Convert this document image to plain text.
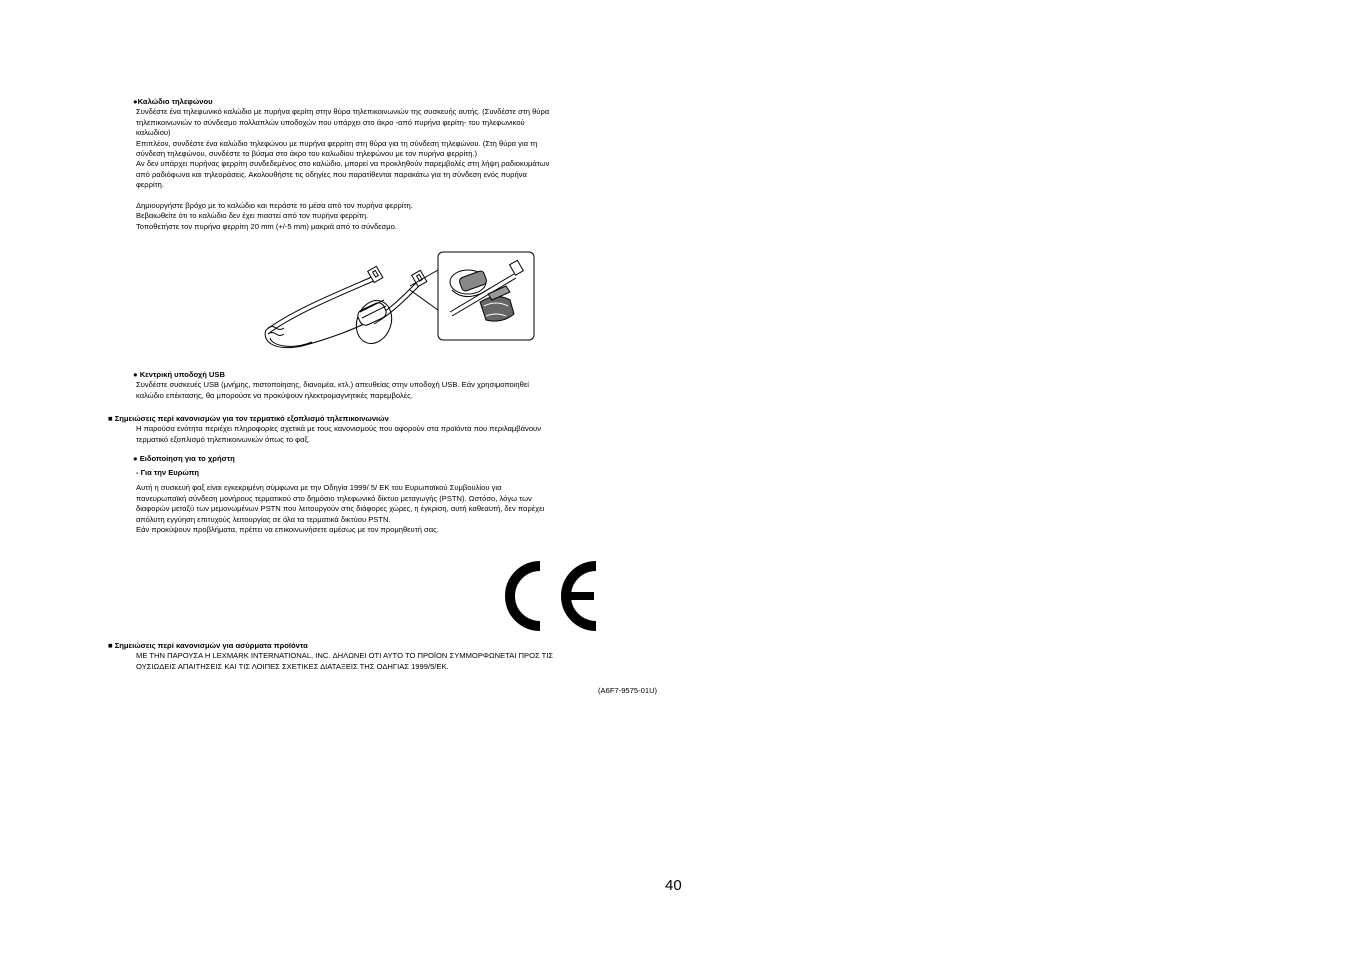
●Καλώδιο τηλεφώνου

Συνδέστε ένα τηλεφωνικό καλώδιο με πυρήνα φερίτη στην θύρα τηλεπικοινωνιών της συσκευής αυτής. (Συνδέστε στη θύρα

τηλεπικοινωνιών το σύνδεσμο πολλαπλών υποδοχών που υπάρχει στο άκρο -από πυρήνα φερίτη- του τηλεφωνικού

καλωδίου)

Επιπλέον, συνδέστε ένα καλώδιο τηλεφώνου με πυρήνα φερρίτη στη θύρα για τη σύνδεση τηλεφώνου. (Στη θύρα για τη

σύνδεση τηλεφώνου, συνδέστε το βύσμα στο άκρο του καλωδίου τηλεφώνου με τον πυρήνα φερρίτη.)

Αν δεν υπάρχει πυρήνας φερρίτη συνδεδεμένος στο καλώδιο, μπορεί να προκληθούν παρεμβολές στη λήψη ραδιοκυμάτων

από ραδιόφωνα και τηλεοράσεις. Ακολουθήστε τις οδηγίες που παρατίθενται παρακάτω για τη σύνδεση ενός πυρήνα

φερρίτη.

Δημιουργήστε βρόχο με το καλώδιο και περάστε το μέσα από τον πυρήνα φερρίτη.

Βεβαιωθείτε ότι το καλώδιο δεν έχει πιαστεί από τον πυρήνα φερρίτη.

Τοποθετήστε τον πυρήνα φερρίτη 20 mm (+/-5 mm) μακριά από το σύνδεσμο.

● Κεντρική υποδοχή USB

Συνδέστε συσκευές USB (μνήμης, πιστοποίησης, διανομέα, κτλ.) απευθείας στην υποδοχή USB. Εάν χρησιμοποιηθεί

καλώδιο επέκτασης, θα μπορούσε να προκύψουν ηλεκτρομαγνητικές παρεμβολές.

■ Σημειώσεις περί κανονισμών για τον τερματικό εξοπλισμό τηλεπικοινωνιών

Η παρούσα ενότητα περιέχει πληροφορίες σχετικά με τους κανονισμούς που αφορούν στα προϊόντα που περιλαμβάνουν

τερματικό εξοπλισμό τηλεπικοινωνιών όπως το φαξ.

● Ειδοποίηση για το χρήστη

- Για την Ευρώπη

Αυτή η συσκευή φαξ είναι εγκεκριμένη σύμφωνα με την Οδηγία 1999/ 5/ ΕΚ του Ευρωπαϊκού Συμβουλίου για

πανευρωπαϊκή σύνδεση μονήρους τερματικού στο δημόσιο τηλεφωνικό δίκτυο μεταγωγής (PSTN). Ωστόσο, λόγω των

διαφορών μεταξύ των μεμονωμένων PSTN που λειτουργούν στις διάφορες χώρες, η έγκριση, αυτή καθεαυτή, δεν παρέχει

απόλυτη εγγύηση επιτυχούς λειτουργίας σε όλα τα τερματικά δικτύου PSTN.

Εάν προκύψουν προβλήματα, πρέπει να επικοινωνήσετε αμέσως με τον προμηθευτή σας.

■ Σημειώσεις περί κανονισμών για ασύρματα προϊόντα

ΜΕ ΤΗΝ ΠΑΡΟΥΣΑ Η LEXMARK INTERNATIONAL, INC. ΔΗΛΩΝΕΙ ΟΤΙ ΑΥΤΟ ΤΟ ΠΡΟΪΟΝ ΣΥΜΜΟΡΦΩΝΕΤΑΙ ΠΡΟΣ ΤΙΣ

ΟΥΣΙΩΔΕΙΣ ΑΠΑΙΤΗΣΕΙΣ ΚΑΙ ΤΙΣ ΛΟΙΠΕΣ ΣΧΕΤΙΚΕΣ ΔΙΑΤΑΞΕΙΣ ΤΗΣ ΟΔΗΓΙΑΣ 1999/5/ΕΚ.

(A6F7-9575-01U)
40
